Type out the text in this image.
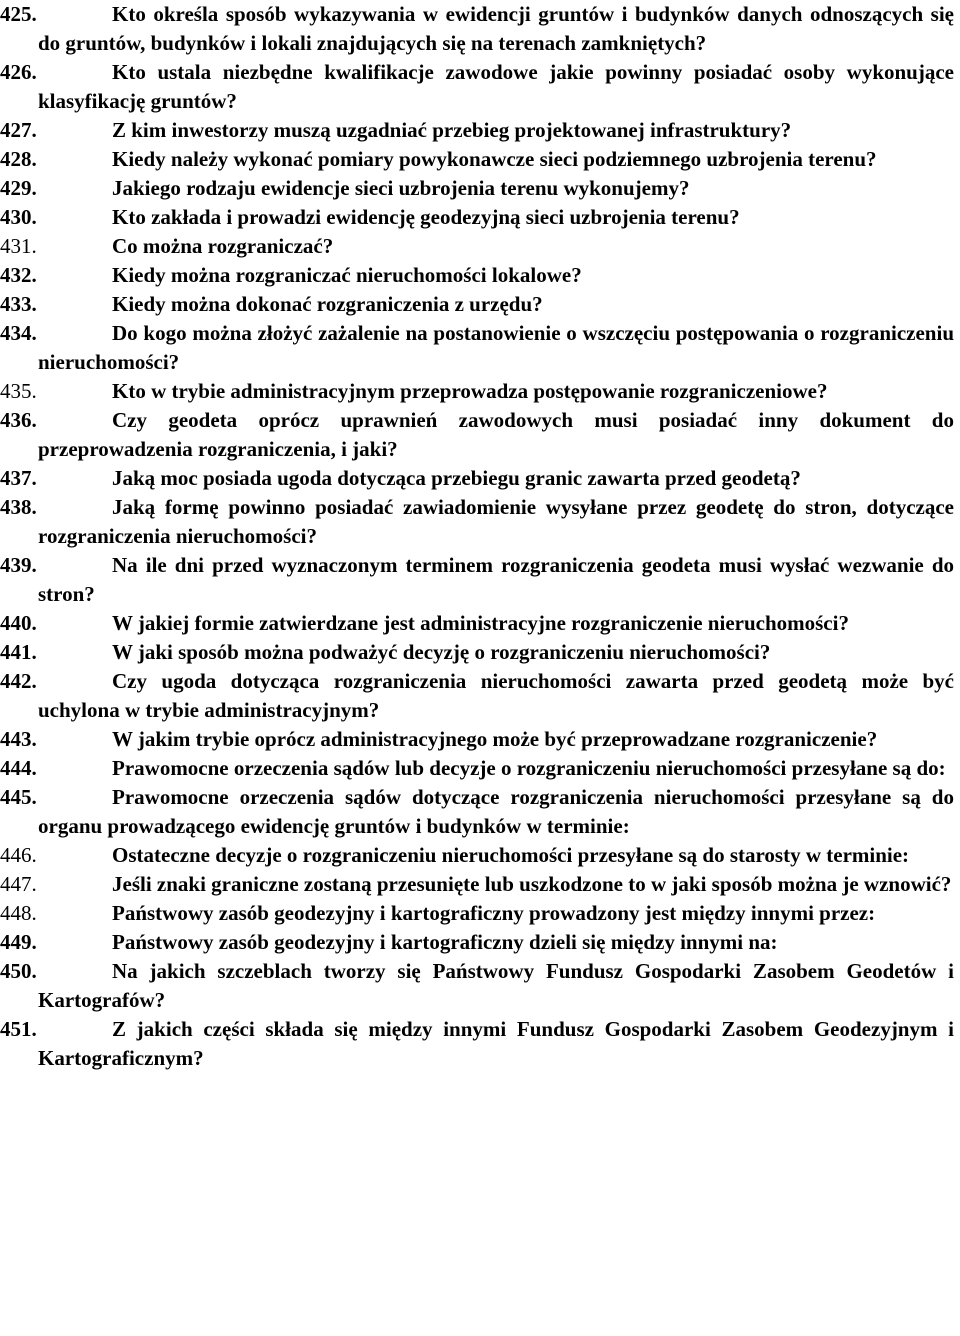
425.	Kto określa sposób wykazywania w ewidencji gruntów i budynków danych odnoszących się do gruntów, budynków i lokali znajdujących się na terenach zamkniętych?
426.	Kto ustala niezbędne kwalifikacje zawodowe jakie powinny posiadać osoby wykonujące klasyfikację gruntów?
427.	Z kim inwestorzy muszą uzgadniać przebieg projektowanej infrastruktury?
428.	Kiedy należy wykonać pomiary powykonawcze sieci podziemnego uzbrojenia terenu?
429.	Jakiego rodzaju ewidencje sieci uzbrojenia terenu wykonujemy?
430.	Kto zakłada i prowadzi ewidencję geodezyjną sieci uzbrojenia terenu?
431.	Co można rozgraniczać?
432.	Kiedy można rozgraniczać nieruchomości lokalowe?
433.	Kiedy można dokonać rozgraniczenia z urzędu?
434.	Do kogo można złożyć zażalenie na postanowienie o wszczęciu postępowania o rozgraniczeniu nieruchomości?
435.	Kto w trybie administracyjnym przeprowadza postępowanie rozgraniczeniowe?
436.	Czy geodeta oprócz uprawnień zawodowych musi posiadać inny dokument do przeprowadzenia rozgraniczenia, i jaki?
437.	Jaką moc posiada ugoda dotycząca przebiegu granic zawarta przed geodetą?
438.	Jaką formę powinno posiadać zawiadomienie wysyłane przez geodetę do stron, dotyczące rozgraniczenia nieruchomości?
439.	Na ile dni przed wyznaczonym terminem rozgraniczenia geodeta musi wysłać wezwanie do stron?
440.	W jakiej formie zatwierdzane jest administracyjne rozgraniczenie nieruchomości?
441.	W jaki sposób można podważyć decyzję o rozgraniczeniu nieruchomości?
442.	Czy ugoda dotycząca rozgraniczenia nieruchomości zawarta przed geodetą może być uchylona w trybie administracyjnym?
443.	W jakim trybie oprócz administracyjnego może być przeprowadzane rozgraniczenie?
444.	Prawomocne orzeczenia sądów lub decyzje o rozgraniczeniu nieruchomości przesyłane są do:
445.	Prawomocne orzeczenia sądów dotyczące rozgraniczenia nieruchomości przesyłane są do organu prowadzącego ewidencję gruntów i budynków w terminie:
446.	Ostateczne decyzje o rozgraniczeniu nieruchomości przesyłane są do starosty w terminie:
447.	Jeśli znaki graniczne zostaną przesunięte lub uszkodzone to w jaki sposób można je wznowić?
448.	Państwowy zasób geodezyjny i kartograficzny prowadzony jest między innymi przez:
449.	Państwowy zasób geodezyjny i kartograficzny dzieli się między innymi na:
450.	Na jakich szczeblach tworzy się Państwowy Fundusz Gospodarki Zasobem Geodetów i Kartografów?
451.	Z jakich części składa się między innymi Fundusz Gospodarki Zasobem Geodezyjnym i Kartograficznym?
